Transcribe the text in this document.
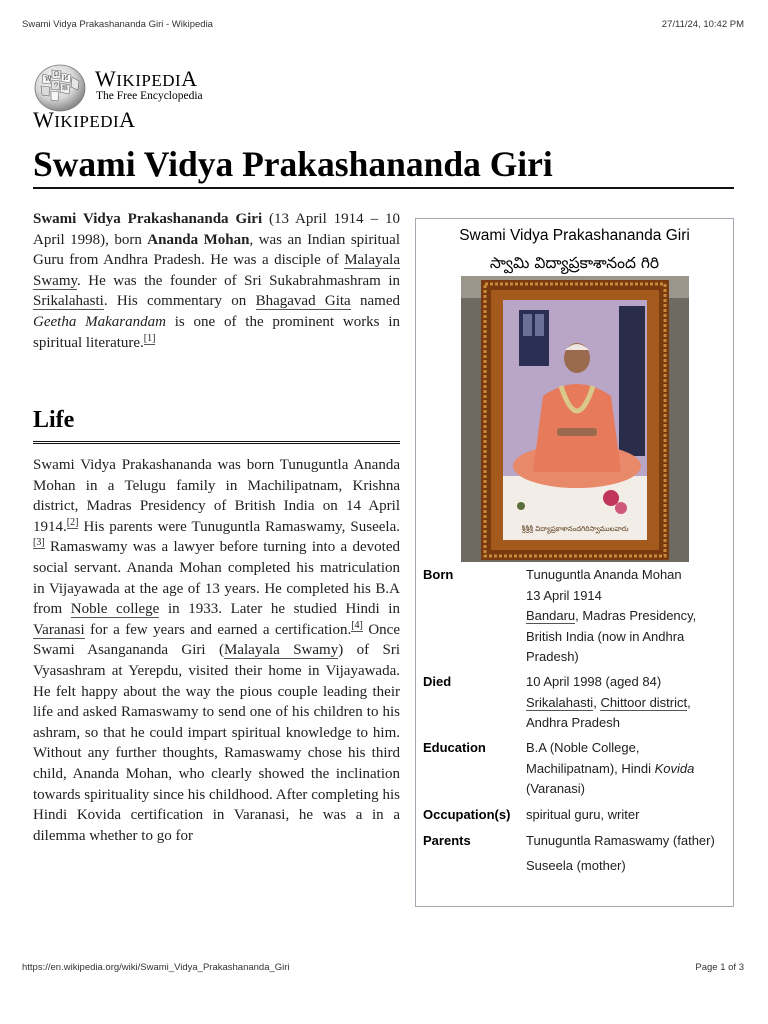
Swami Vidya Prakashananda Giri - Wikipedia	27/11/24, 10:42 PM
W
Ω
И
ウ 維 WIKIPEDIA
The Free Encyclopedia
WIKIPEDIA
Swami Vidya Prakashananda Giri

Swami Vidya Prakashananda Giri (13 April 1914 – 10 April 1998), born Ananda Mohan, was an Indian spiritual Guru from Andhra Pradesh. He was a disciple of Malayala Swamy. He was the founder of Sri Sukabrahmashram in Srikalahasti. His commentary on Bhagavad Gita named Geetha Makarandam is one of the prominent works in spiritual literature.[1]

Life

Swami Vidya Prakashananda was born Tunuguntla Ananda Mohan in a Telugu family in Machilipatnam, Krishna district, Madras Presidency of British India on 14 April 1914.[2] His parents were Tunuguntla Ramaswamy, Suseela.[3] Ramaswamy was a lawyer before turning into a devoted social servant. Ananda Mohan completed his matriculation in Vijayawada at the age of 13 years. He completed his B.A from Noble college in 1933. Later he studied Hindi in Varanasi for a few years and earned a certification.[4] Once Swami Asangananda Giri (Malayala Swamy) of Sri Vyasashram at Yerepdu, visited their home in Vijayawada. He felt happy about the way the pious couple leading their life and asked Ramaswamy to send one of his children to his ashram, so that he could impart spiritual knowledge to him. Without any further thoughts, Ramaswamy chose his third child, Ananda Mohan, who clearly showed the inclination towards spirituality since his childhood. After completing his Hindi Kovida certification in Varanasi, he was a in a dilemma whether to go for

Swami Vidya Prakashananda Giri
స్వామి విద్యాప్రకాశానంద గిరి
శ్రీశ్రీశ్రీ విద్యాప్రకాశానందగిరిస్వాములవారు
Born	Tunuguntla Ananda Mohan
13 April 1914
Bandaru, Madras Presidency, British India (now in Andhra Pradesh)
Died	10 April 1998 (aged 84)
Srikalahasti, Chittoor district, Andhra Pradesh
Education	B.A (Noble College, Machilipatnam), Hindi Kovida (Varanasi)
Occupation(s) spiritual guru, writer
Parents	Tunuguntla Ramaswamy (father)
Suseela (mother)
https://en.wikipedia.org/wiki/Swami_Vidya_Prakashananda_Giri	Page 1 of 3
